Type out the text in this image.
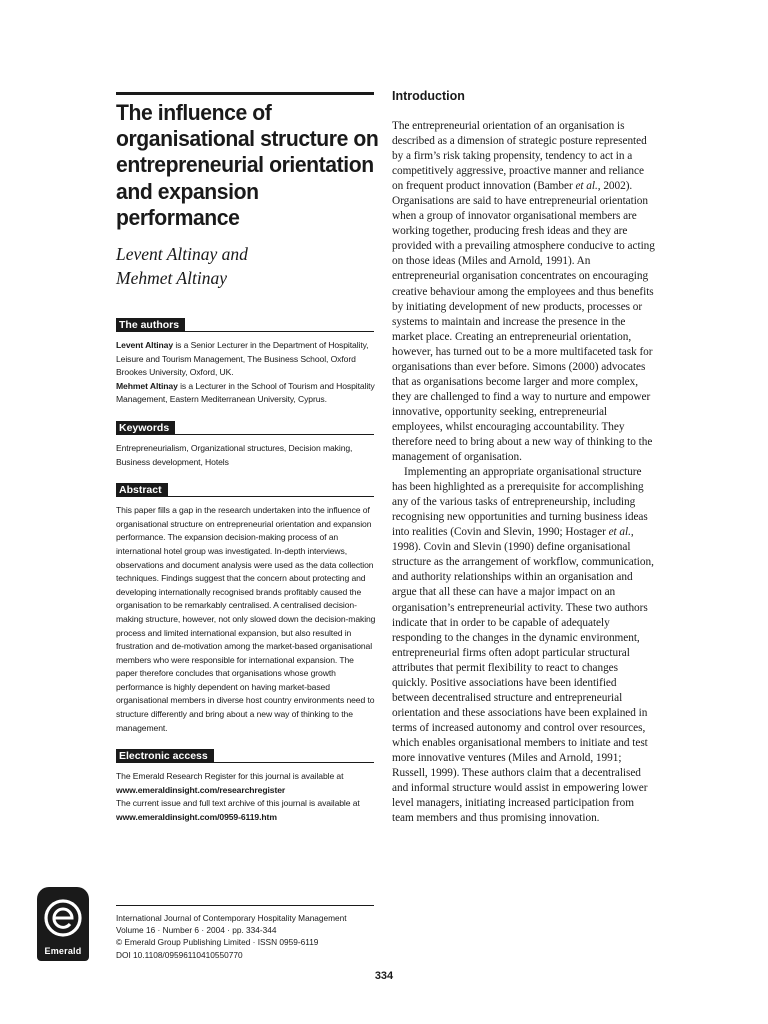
The influence of organisational structure on entrepreneurial orientation and expansion performance
Levent Altinay and
Mehmet Altinay
The authors

Levent Altinay is a Senior Lecturer in the Department of Hospitality, Leisure and Tourism Management, The Business School, Oxford Brookes University, Oxford, UK.

Mehmet Altinay is a Lecturer in the School of Tourism and Hospitality Management, Eastern Mediterranean University, Cyprus.

Keywords
Entrepreneurialism, Organizational structures, Decision making, Business development, Hotels
Abstract
This paper fills a gap in the research undertaken into the influence of organisational structure on entrepreneurial orientation and expansion performance. The expansion decision-making process of an international hotel group was investigated. In-depth interviews, observations and document analysis were used as the data collection techniques. Findings suggest that the concern about protecting and developing internationally recognised brands profitably caused the organisation to be remarkably centralised. A centralised decision-making structure, however, not only slowed down the decision-making process and limited international expansion, but also resulted in frustration and de-motivation among the market-based organisational members who were responsible for international expansion. The paper therefore concludes that organisations whose growth performance is highly dependent on having market-based organisational members in diverse host country environments need to structure differently and bring about a new way of thinking to the management.
Electronic access

The Emerald Research Register for this journal is available at

www.emeraldinsight.com/researchregister

The current issue and full text archive of this journal is available at

www.emeraldinsight.com/0959-6119.htm

International Journal of Contemporary Hospitality Management
Volume 16 · Number 6 · 2004 · pp. 334-344
© Emerald Group Publishing Limited · ISSN 0959-6119
DOI 10.1108/09596110410550770
Emerald
Introduction

The entrepreneurial orientation of an organisation is described as a dimension of strategic posture represented by a firm’s risk taking propensity, tendency to act in a competitively aggressive, proactive manner and reliance on frequent product innovation (Bamber et al., 2002). Organisations are said to have entrepreneurial orientation when a group of innovator organisational members are working together, producing fresh ideas and they are provided with a prevailing atmosphere conducive to acting on those ideas (Miles and Arnold, 1991). An entrepreneurial organisation concentrates on encouraging creative behaviour among the employees and thus benefits by initiating development of new products, processes or systems to maintain and increase the presence in the market place. Creating an entrepreneurial orientation, however, has turned out to be a more multifaceted task for organisations than ever before. Simons (2000) advocates that as organisations become larger and more complex, they are challenged to find a way to nurture and empower innovative, opportunity seeking, entrepreneurial employees, whilst encouraging accountability. They therefore need to bring about a new way of thinking to the management of organisation.

Implementing an appropriate organisational structure has been highlighted as a prerequisite for accomplishing any of the various tasks of entrepreneurship, including recognising new opportunities and turning business ideas into realities (Covin and Slevin, 1990; Hostager et al., 1998). Covin and Slevin (1990) define organisational structure as the arrangement of workflow, communication, and authority relationships within an organisation and argue that all these can have a major impact on an organisation’s entrepreneurial activity. These two authors indicate that in order to be capable of adequately responding to the changes in the dynamic environment, entrepreneurial firms often adopt particular structural attributes that permit flexibility to react to changes quickly. Positive associations have been identified between decentralised structure and entrepreneurial orientation and these associations have been explained in terms of increased autonomy and control over resources, which enables organisational members to initiate and test more innovative ventures (Miles and Arnold, 1991; Russell, 1999). These authors claim that a decentralised and informal structure would assist in empowering lower level managers, initiating increased participation from team members and thus promising innovation.

334
